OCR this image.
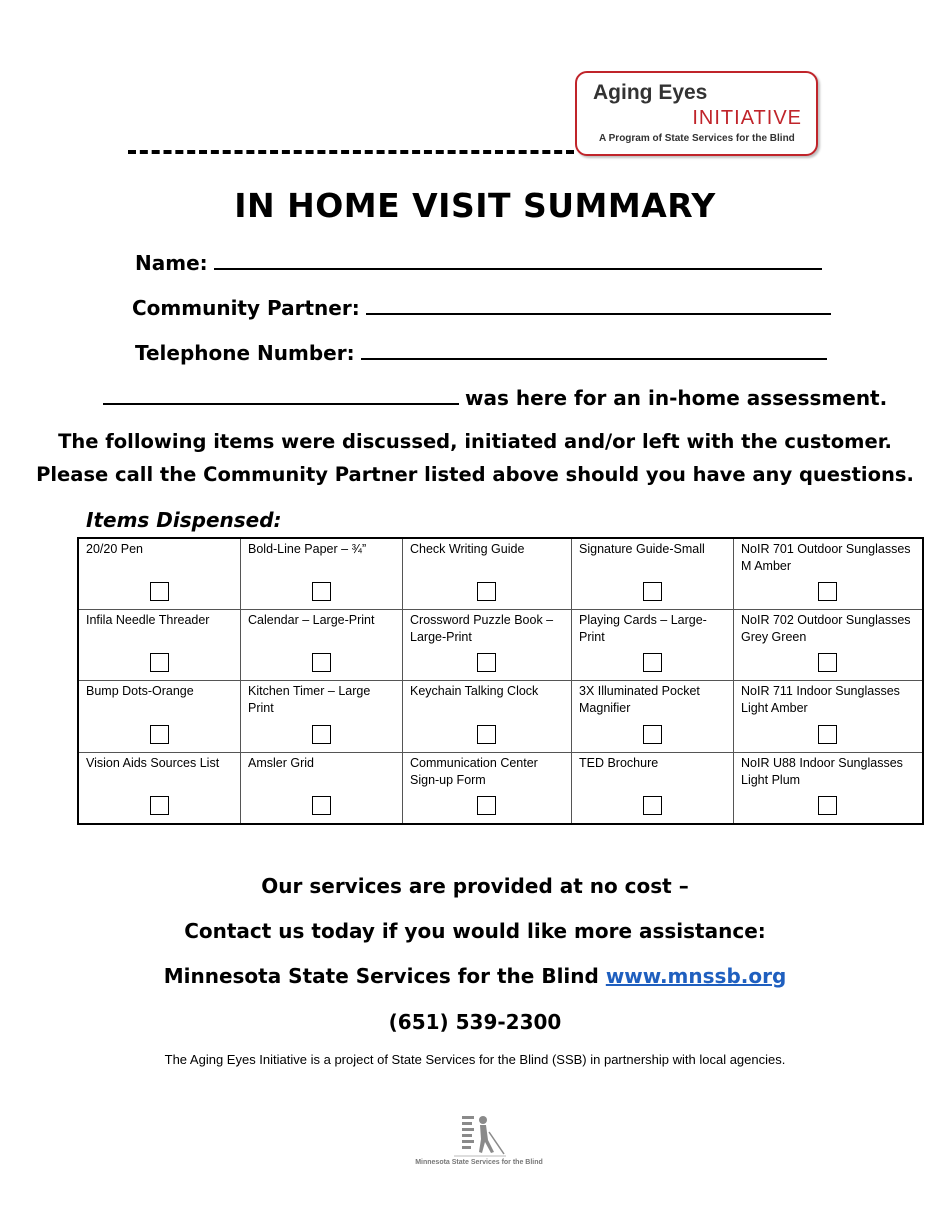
Aging Eyes
INITIATIVE
A Program of State Services for the Blind
IN HOME VISIT SUMMARY
Name:
Community Partner:
Telephone Number:
was here for an in-home assessment.
The following items were discussed, initiated and/or left with the customer.
Please call the Community Partner listed above should you have any questions.
Items Dispensed:
20/20 Pen	Bold-Line Paper – ¾”	Check Writing Guide	Signature Guide-Small	NoIR 701 Outdoor Sunglasses M Amber

Infila Needle Threader	Calendar – Large-Print	Crossword Puzzle Book – Large-Print	Playing Cards – Large-Print	NoIR 702 Outdoor Sunglasses Grey Green

Bump Dots-Orange	Kitchen Timer – Large Print	Keychain Talking Clock	3X Illuminated Pocket Magnifier	NoIR 711 Indoor Sunglasses Light Amber

Vision Aids Sources List	Amsler Grid	Communication Center Sign-up Form	TED Brochure	NoIR U88 Indoor Sunglasses Light Plum
Our services are provided at no cost –
Contact us today if you would like more assistance:
Minnesota State Services for the Blind www.mnssb.org
(651) 539-2300
The Aging Eyes Initiative is a project of State Services for the Blind (SSB) in partnership with local agencies.
Minnesota State Services for the Blind
